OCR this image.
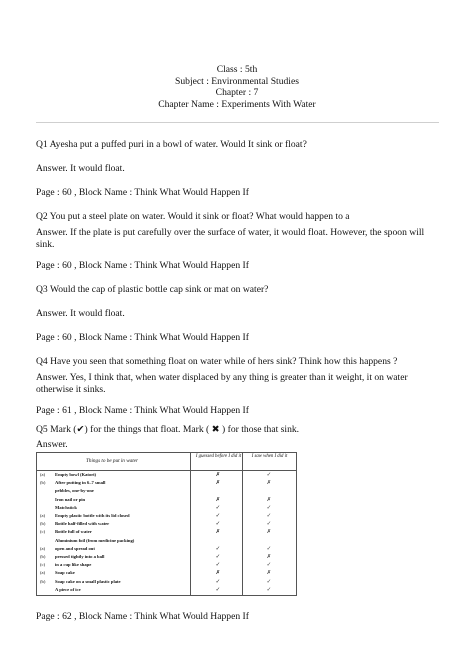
Class : 5th
Subject : Environmental Studies
Chapter : 7
Chapter Name : Experiments With Water
Q1 Ayesha put a puffed puri in a bowl of water. Would It sink or float?
Answer. It would float.
Page : 60 , Block Name : Think What Would Happen If
Q2 You put a steel plate on water. Would it sink or float? What would happen to a
Answer. If the plate is put carefully over the surface of water, it would float. However, the spoon will sink.
Page : 60 , Block Name : Think What Would Happen If
Q3 Would the cap of plastic bottle cap sink or mat on water?
Answer. It would float.
Page : 60 , Block Name : Think What Would Happen If
Q4 Have you seen that something float on water while of hers sink? Think how this happens ?
Answer. Yes, I think that, when water displaced by any thing is greater than it weight, it on water otherwise it sinks.
Page : 61 , Block Name : Think What Would Happen If
Q5 Mark (✔) for the things that float. Mark ( ✖ ) for those that sink.
Answer.
Things to be put in water
I guessed before I did it	I saw when I did it
(a)	Empty bowl (Katori)	✗	✓
(b)	After putting in 6–7 small	✗	✗
pebbles, one-by-one
Iron nail or pin	✗	✗
Matchstick	✓	✓
(a)	Empty plastic bottle with its lid closed	✓	✓
(b)	Bottle half-filled with water	✓	✓
(c)	Bottle full of water	✗	✗
Aluminium foil (from medicine packing)
(a)	open and spread out	✓	✓
(b)	pressed tightly into a ball	✓	✗
(c)	in a cup like shape	✓	✓
(a)	Soap cake	✗	✗
(b)	Soap cake on a small plastic plate	✓	✓
A piece of ice	✓	✓
Page : 62 , Block Name : Think What Would Happen If
